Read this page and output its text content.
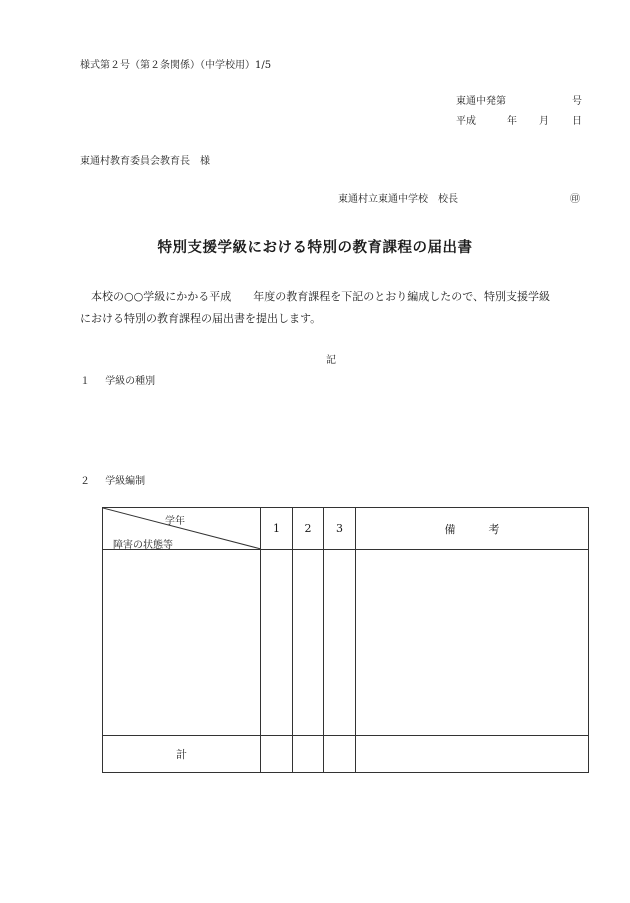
様式第２号（第２条関係）（中学校用）1/5
東通中発第	号
平成	年 月 日
東通村教育委員会教育長　様
東通村立東通中学校　校長	㊞
特別支援学級における特別の教育課程の届出書
本校の○○学級にかかる平成　　年度の教育課程を下記のとおり編成したので、特別支援学級
における特別の教育課程の届出書を提出します。
記
１ 学級の種別
２ 学級編制
学年
障害の状態等	1	2	3	備　　　考

計				
